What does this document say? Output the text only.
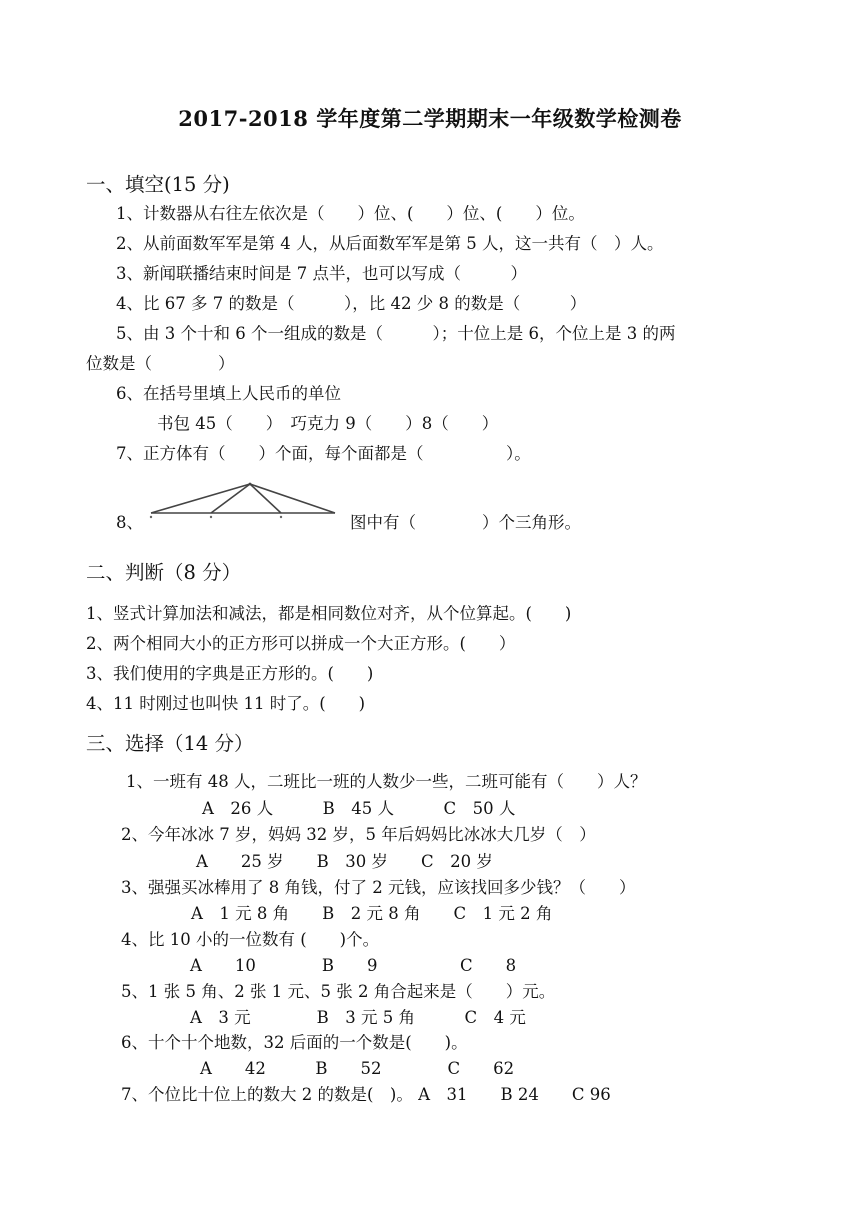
2017-2018 学年度第二学期期末一年级数学检测卷
一、填空(15 分)
1、计数器从右往左依次是（　　）位、(　　）位、(　　）位。
2、从前面数军军是第 4 人，从后面数军军是第 5 人，这一共有（　）人。
3、新闻联播结束时间是 7 点半，也可以写成（　　　）
4、比 67 多 7 的数是（　　　），比 42 少 8 的数是（　　　）
5、由 3 个十和 6 个一组成的数是（　　　）；十位上是 6，个位上是 3 的两
位数是（　　　　）
6、在括号里填上人民币的单位
书包 45（　　）　巧克力 9（　　）8（　　）
7、正方体有（　　）个面，每个面都是（　　　　　）。
8、	图中有（　　　　）个三角形。
二、判断（8 分）
1、竖式计算加法和减法，都是相同数位对齐，从个位算起。(　　)
2、两个相同大小的正方形可以拼成一个大正方形。(　　）
3、我们使用的字典是正方形的。(　　)
4、11 时刚过也叫快 11 时了。(　　)
三、选择（14 分）
1、一班有 48 人，二班比一班的人数少一些，二班可能有（　　）人？
A　26 人　　　B　45 人　　　C　50 人
2、今年冰冰 7 岁，妈妈 32 岁，5 年后妈妈比冰冰大几岁（　）
A　　25 岁　　B　30 岁　　C　20 岁
3、强强买冰棒用了 8 角钱，付了 2 元钱，应该找回多少钱？（　　）
A　1 元 8 角　　B　2 元 8 角　　C　1 元 2 角
4、比 10 小的一位数有 (　　)个。
A　　10　　　　B　　9　　　　　C　　8
5、1 张 5 角、2 张 1 元、5 张 2 角合起来是（　　）元。
A　3 元　　　　B　3 元 5 角　　　C　4 元
6、十个十个地数，32 后面的一个数是(　　)。
A　　42　　　B　　52　　　　C　　62
7、个位比十位上的数大 2 的数是(　)。 A　31　　B 24　　C 96
